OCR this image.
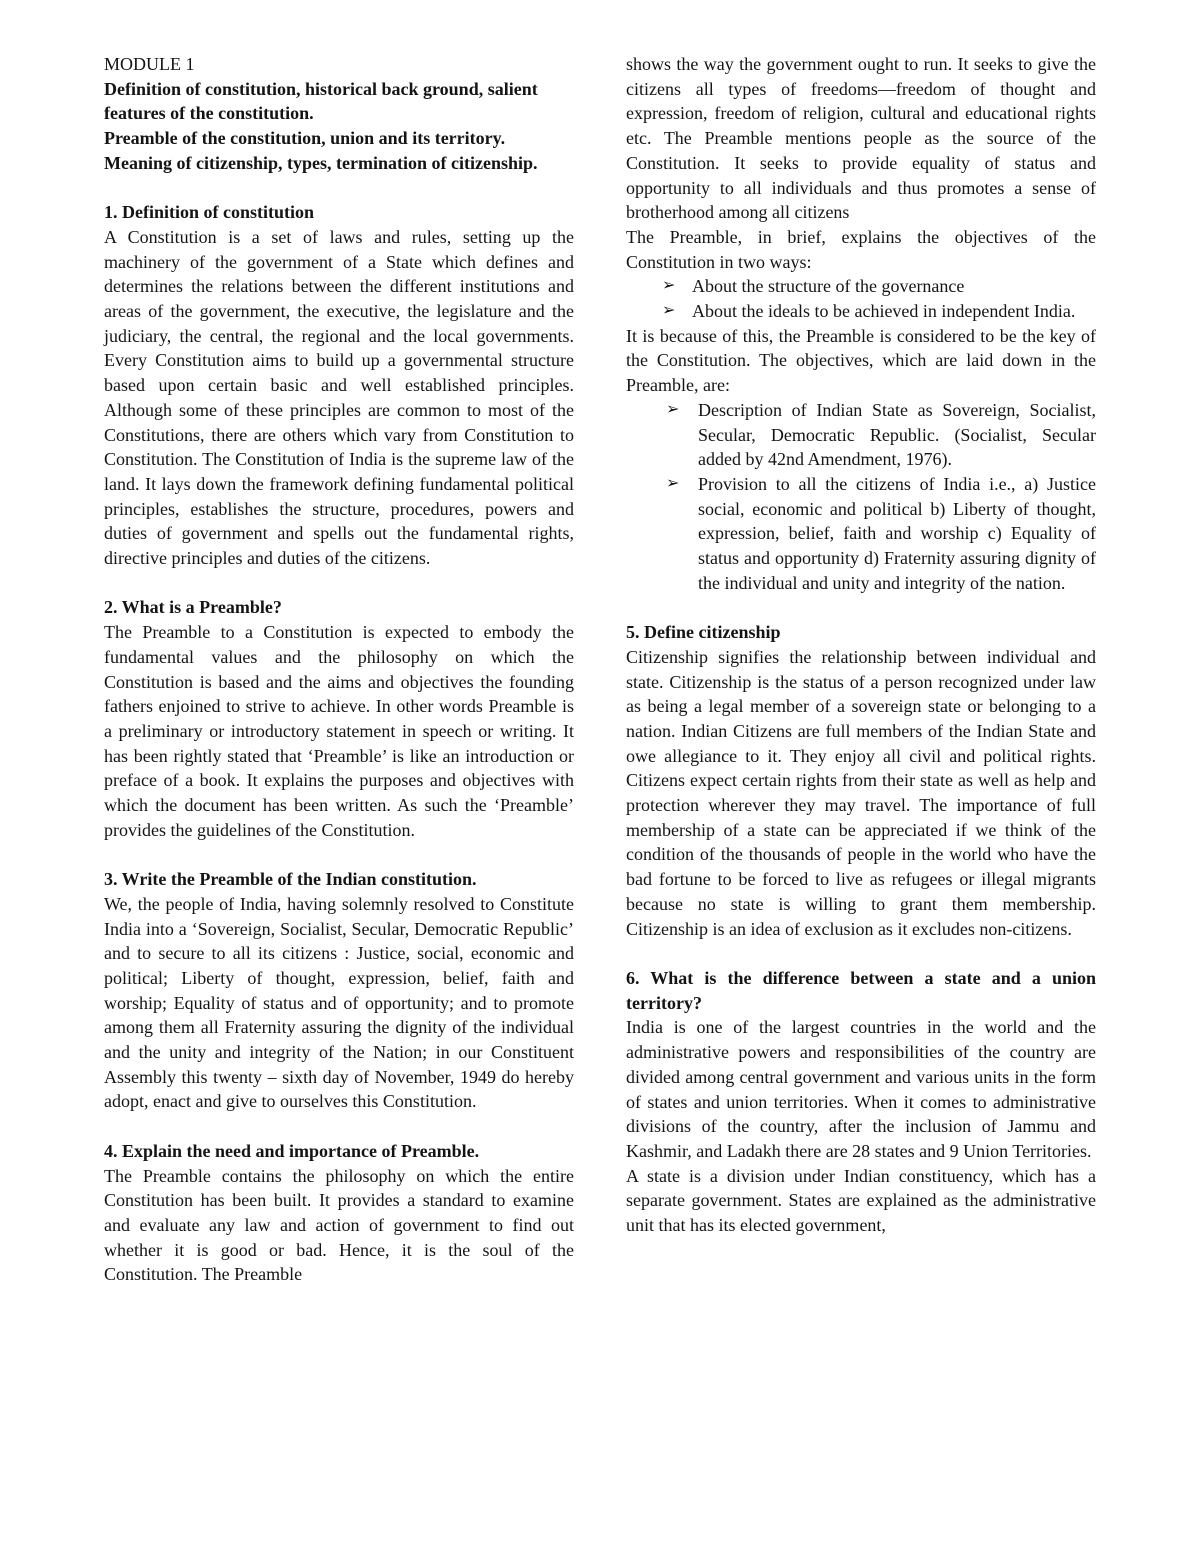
MODULE 1

Definition of constitution, historical back ground, salient features of the constitution.

Preamble of the constitution, union and its territory.

Meaning of citizenship, types, termination of citizenship.

1. Definition of constitution

A Constitution is a set of laws and rules, setting up the machinery of the government of a State which defines and determines the relations between the different institutions and areas of the government, the executive, the legislature and the judiciary, the central, the regional and the local governments. Every Constitution aims to build up a governmental structure based upon certain basic and well established principles. Although some of these principles are common to most of the Constitutions, there are others which vary from Constitution to Constitution. The Constitution of India is the supreme law of the land. It lays down the framework defining fundamental political principles, establishes the structure, procedures, powers and duties of government and spells out the fundamental rights, directive principles and duties of the citizens.

2. What is a Preamble?

The Preamble to a Constitution is expected to embody the fundamental values and the philosophy on which the Constitution is based and the aims and objectives the founding fathers enjoined to strive to achieve. In other words Preamble is a preliminary or introductory statement in speech or writing. It has been rightly stated that ‘Preamble’ is like an introduction or preface of a book. It explains the purposes and objectives with which the document has been written. As such the ‘Preamble’ provides the guidelines of the Constitution.

3. Write the Preamble of the Indian constitution.

We, the people of India, having solemnly resolved to Constitute India into a ‘Sovereign, Socialist, Secular, Democratic Republic’ and to secure to all its citizens : Justice, social, economic and political; Liberty of thought, expression, belief, faith and worship; Equality of status and of opportunity; and to promote among them all Fraternity assuring the dignity of the individual and the unity and integrity of the Nation; in our Constituent Assembly this twenty – sixth day of November, 1949 do hereby adopt, enact and give to ourselves this Constitution.

4. Explain the need and importance of Preamble.

The Preamble contains the philosophy on which the entire Constitution has been built. It provides a standard to examine and evaluate any law and action of government to find out whether it is good or bad. Hence, it is the soul of the Constitution. The Preamble

shows the way the government ought to run. It seeks to give the citizens all types of freedoms—freedom of thought and expression, freedom of religion, cultural and educational rights etc. The Preamble mentions people as the source of the Constitution. It seeks to provide equality of status and opportunity to all individuals and thus promotes a sense of brotherhood among all citizens

The Preamble, in brief, explains the objectives of the Constitution in two ways:

➢ About the structure of the governance
➢ About the ideals to be achieved in independent India.

It is because of this, the Preamble is considered to be the key of the Constitution. The objectives, which are laid down in the Preamble, are:

➢ Description of Indian State as Sovereign, Socialist, Secular, Democratic Republic. (Socialist, Secular added by 42nd Amendment, 1976).
➢ Provision to all the citizens of India i.e., a) Justice social, economic and political b) Liberty of thought, expression, belief, faith and worship c) Equality of status and opportunity d) Fraternity assuring dignity of the individual and unity and integrity of the nation.

5. Define citizenship

Citizenship signifies the relationship between individual and state. Citizenship is the status of a person recognized under law as being a legal member of a sovereign state or belonging to a nation. Indian Citizens are full members of the Indian State and owe allegiance to it. They enjoy all civil and political rights. Citizens expect certain rights from their state as well as help and protection wherever they may travel. The importance of full membership of a state can be appreciated if we think of the condition of the thousands of people in the world who have the bad fortune to be forced to live as refugees or illegal migrants because no state is willing to grant them membership. Citizenship is an idea of exclusion as it excludes non-citizens.

6. What is the difference between a state and a union territory?

India is one of the largest countries in the world and the administrative powers and responsibilities of the country are divided among central government and various units in the form of states and union territories. When it comes to administrative divisions of the country, after the inclusion of Jammu and Kashmir, and Ladakh there are 28 states and 9 Union Territories.

A state is a division under Indian constituency, which has a separate government. States are explained as the administrative unit that has its elected government,
